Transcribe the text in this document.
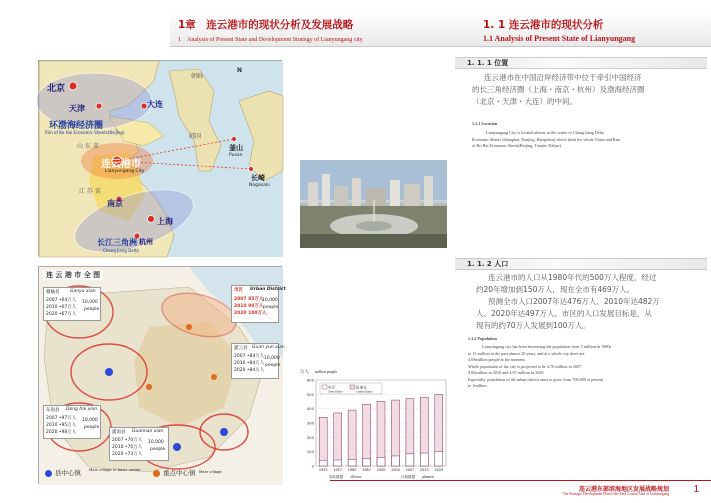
1章　连云港市的现状分析及发展战略
1　Analysis of Present State and Development Strategy of Lianyungang city
1. 1 连云港市的现状分析
1.1 Analysis of Present State of Lianyungang
北京
天津	大连
环渤海经济圈
Rim of Bo Hai Economic Sheets(Beijing)
朝鲜
韩国
釜山
Pusan
长崎
Nagasaki
山 东 省
连云港市
Lianyungang City
江 苏 省
南京
上海
杭州
长江三角洲
Chang Jiang Delta
N
1. 1. 1 位置
连云港市在中国沿岸经济带中位于牵引中国经济
的长三角经济圈（上海・南京・杭州）及渤海经济圈
（北京・天津・大连）的中间。
1.1.1 Location
Lianyungang City is located almost in the center of Chang Jiang Delta
Economic Sheets (Shanghai, Nanjing, Hangzhou) which leads the whole China and Rim
of Bo Hai Economic Sheets(Beijing, Tianjin, Dalian).
1. 1. 2 人口
连云港市的人口从1980年代的500万人程度，经过
约20年增加到150万人，现在全市有469万人。
预测全市人口2007年达476万人、2010年达482万
人、2020年达497万人。市区的人口发展目标是，从
现有的约70万人发展到100万人。
1.1.2 Population
Lianyungang city has been increasing the population from 5 million in 1980s
to 15 million in the past almost 20 years, and at a whole city there are
4.69million people at the moment.
Whole population of the city is projected to be 4.76 million in 2007,
4.82million in 2010 and 4.97 million in 2020
Especially, population of the urban district aims to grow from 700,000 at present
to 1million.
连 云 港 市 全 图
赣榆县 Ganyu xian
2007 •64万人
2010 •67万人
2020 •67万人
10,000
people
市区 Urban District
2007 85万人
2010 90万人
2020 100万人
10,000
people
灌云县 Guan yun xian
2007 •84万人
2010 •84万人
2020 •84万人
10,000
people
东海县 Dong hai xian
2007 •97万人
2010 •95万人
2020 •98万人
10,000
people
灌南县 Guannan xian
2007 •70万人
2010 •70万人
2020 •73万人
10,000
people
县中心镇 Main village in basic center	重点中心镇 Main village
万人 million people
0
100
200
300
400
500
600
市区
Urban District
县部分
Country District
1953 1957 1980 1987 2000 2004 2007 2010 2020
实际数据 till now	计划数据 planned
连云港东部滨海地区发展战略规划
The Strategic Development Plan of the East Coastal Area of Lianyungang 1
